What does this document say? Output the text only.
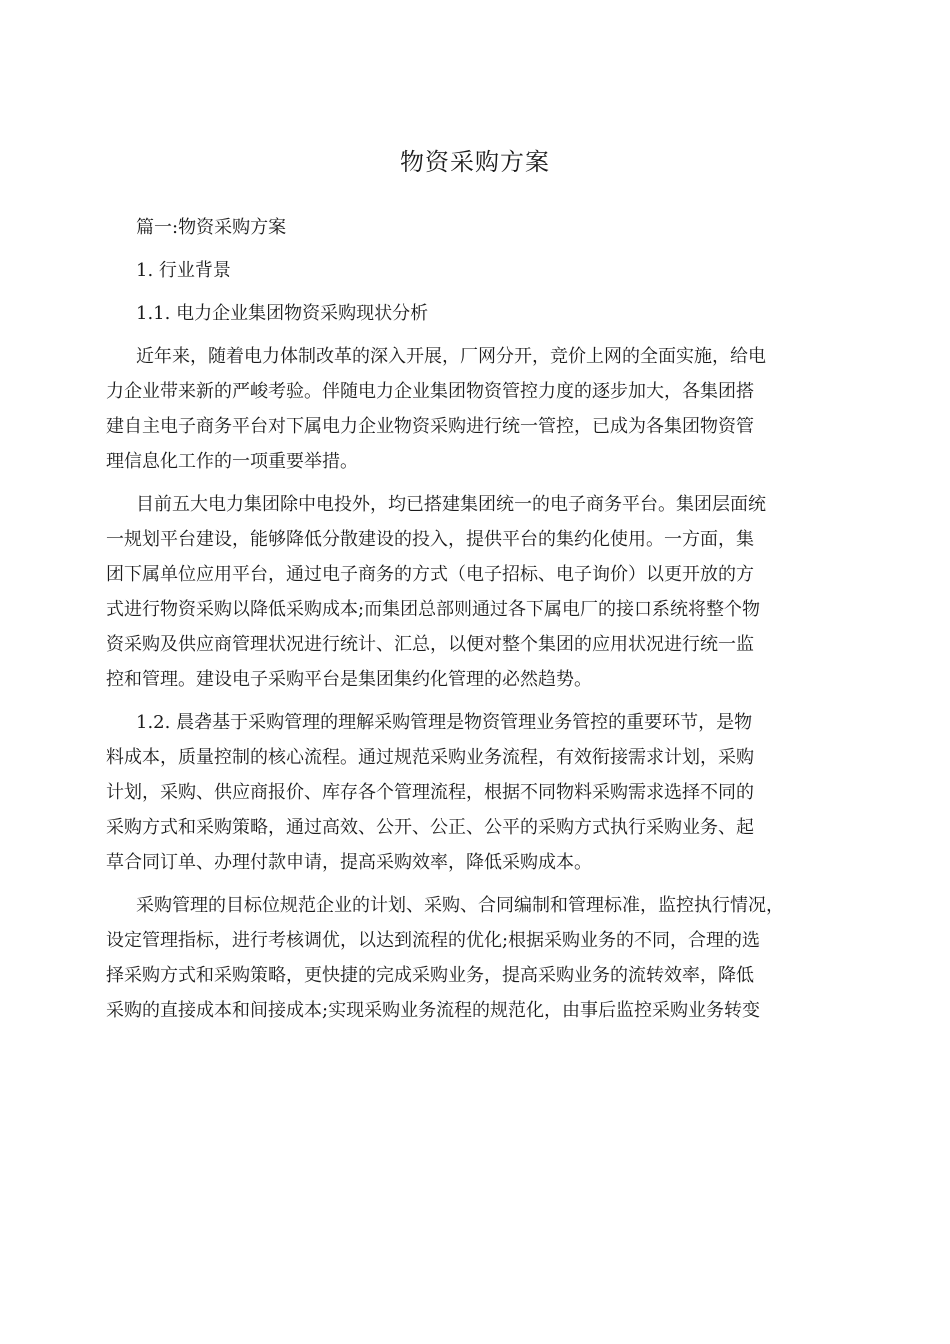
物资采购方案
篇一:物资采购方案
1. 行业背景
1.1. 电力企业集团物资采购现状分析
近年来，随着电力体制改革的深入开展，厂网分开，竞价上网的全面实施，给电
力企业带来新的严峻考验。伴随电力企业集团物资管控力度的逐步加大，各集团搭
建自主电子商务平台对下属电力企业物资采购进行统一管控，已成为各集团物资管
理信息化工作的一项重要举措。
目前五大电力集团除中电投外，均已搭建集团统一的电子商务平台。集团层面统
一规划平台建设，能够降低分散建设的投入，提供平台的集约化使用。一方面，集
团下属单位应用平台，通过电子商务的方式（电子招标、电子询价）以更开放的方
式进行物资采购以降低采购成本;而集团总部则通过各下属电厂的接口系统将整个物
资采购及供应商管理状况进行统计、汇总，以便对整个集团的应用状况进行统一监
控和管理。建设电子采购平台是集团集约化管理的必然趋势。
1.2. 晨砻基于采购管理的理解采购管理是物资管理业务管控的重要环节，是物
料成本，质量控制的核心流程。通过规范采购业务流程，有效衔接需求计划，采购
计划，采购、供应商报价、库存各个管理流程，根据不同物料采购需求选择不同的
采购方式和采购策略，通过高效、公开、公正、公平的采购方式执行采购业务、起
草合同订单、办理付款申请，提高采购效率，降低采购成本。
采购管理的目标位规范企业的计划、采购、合同编制和管理标准，监控执行情况，
设定管理指标，进行考核调优，以达到流程的优化;根据采购业务的不同，合理的选
择采购方式和采购策略，更快捷的完成采购业务，提高采购业务的流转效率，降低
采购的直接成本和间接成本;实现采购业务流程的规范化，由事后监控采购业务转变
